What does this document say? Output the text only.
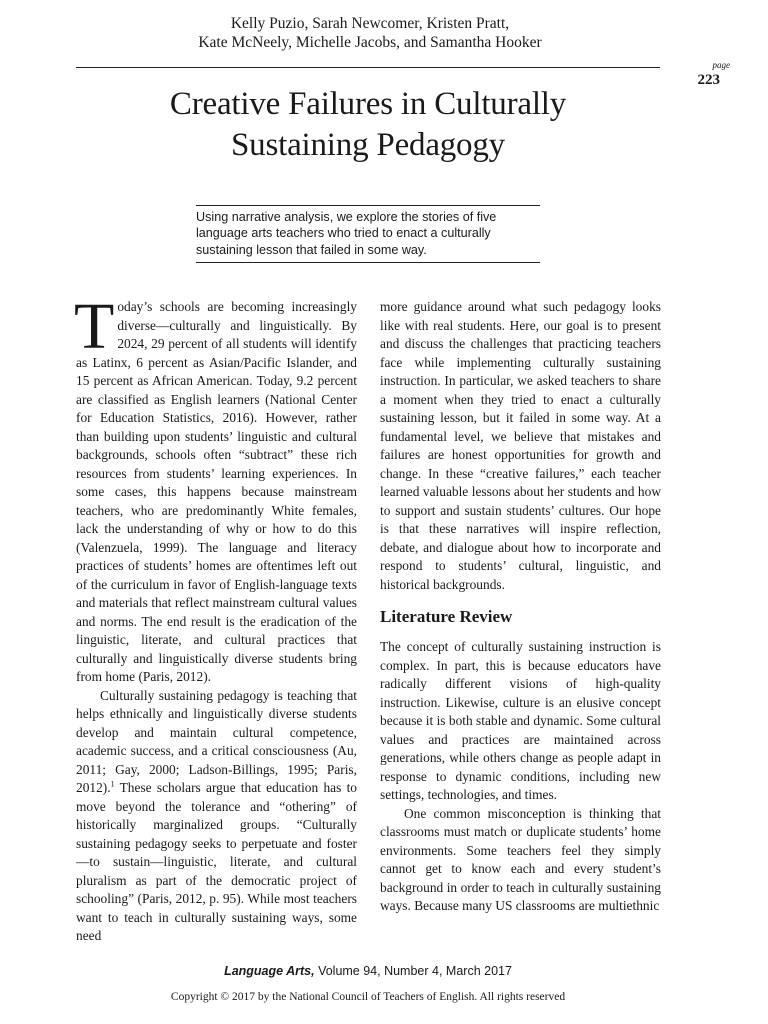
Kelly Puzio, Sarah Newcomer, Kristen Pratt,
Kate McNeely, Michelle Jacobs, and Samantha Hooker
page
223
Creative Failures in Culturally
Sustaining Pedagogy
Using narrative analysis, we explore the stories of five language arts teachers who tried to enact a culturally sustaining lesson that failed in some way.

Today’s schools are becoming increasingly diverse—culturally and linguistically. By 2024, 29 percent of all students will identify as Latinx, 6 percent as Asian/Pacific Islander, and 15 percent as African American. Today, 9.2 percent are classified as English learners (National Center for Education Statistics, 2016). However, rather than building upon students’ linguistic and cultural backgrounds, schools often “subtract” these rich resources from students’ learning experiences. In some cases, this happens because mainstream teachers, who are predominantly White females, lack the understanding of why or how to do this (Valenzuela, 1999). The language and literacy practices of students’ homes are oftentimes left out of the curriculum in favor of English-language texts and materials that reflect mainstream cultural values and norms. The end result is the eradication of the linguistic, literate, and cultural practices that culturally and linguistically diverse students bring from home (Paris, 2012).

Culturally sustaining pedagogy is teaching that helps ethnically and linguistically diverse students develop and maintain cultural competence, academic success, and a critical consciousness (Au, 2011; Gay, 2000; Ladson-Billings, 1995; Paris, 2012).$^1$ These scholars argue that education has to move beyond the tolerance and “othering” of historically marginalized groups. “Culturally sustaining pedagogy seeks to perpetuate and foster—to sustain—linguistic, literate, and cultural pluralism as part of the democratic project of schooling” (Paris, 2012, p. 95). While most teachers want to teach in culturally sustaining ways, some need

more guidance around what such pedagogy looks like with real students. Here, our goal is to present and discuss the challenges that practicing teachers face while implementing culturally sustaining instruction. In particular, we asked teachers to share a moment when they tried to enact a culturally sustaining lesson, but it failed in some way. At a fundamental level, we believe that mistakes and failures are honest opportunities for growth and change. In these “creative failures,” each teacher learned valuable lessons about her students and how to support and sustain students’ cultures. Our hope is that these narratives will inspire reflection, debate, and dialogue about how to incorporate and respond to students’ cultural, linguistic, and historical backgrounds.

Literature Review

The concept of culturally sustaining instruction is complex. In part, this is because educators have radically different visions of high-quality instruction. Likewise, culture is an elusive concept because it is both stable and dynamic. Some cultural values and practices are maintained across generations, while others change as people adapt in response to dynamic conditions, including new settings, technologies, and times.

One common misconception is thinking that classrooms must match or duplicate students’ home environments. Some teachers feel they simply cannot get to know each and every student’s background in order to teach in culturally sustaining ways. Because many US classrooms are multiethnic

Language Arts, Volume 94, Number 4, March 2017
Copyright © 2017 by the National Council of Teachers of English. All rights reserved
